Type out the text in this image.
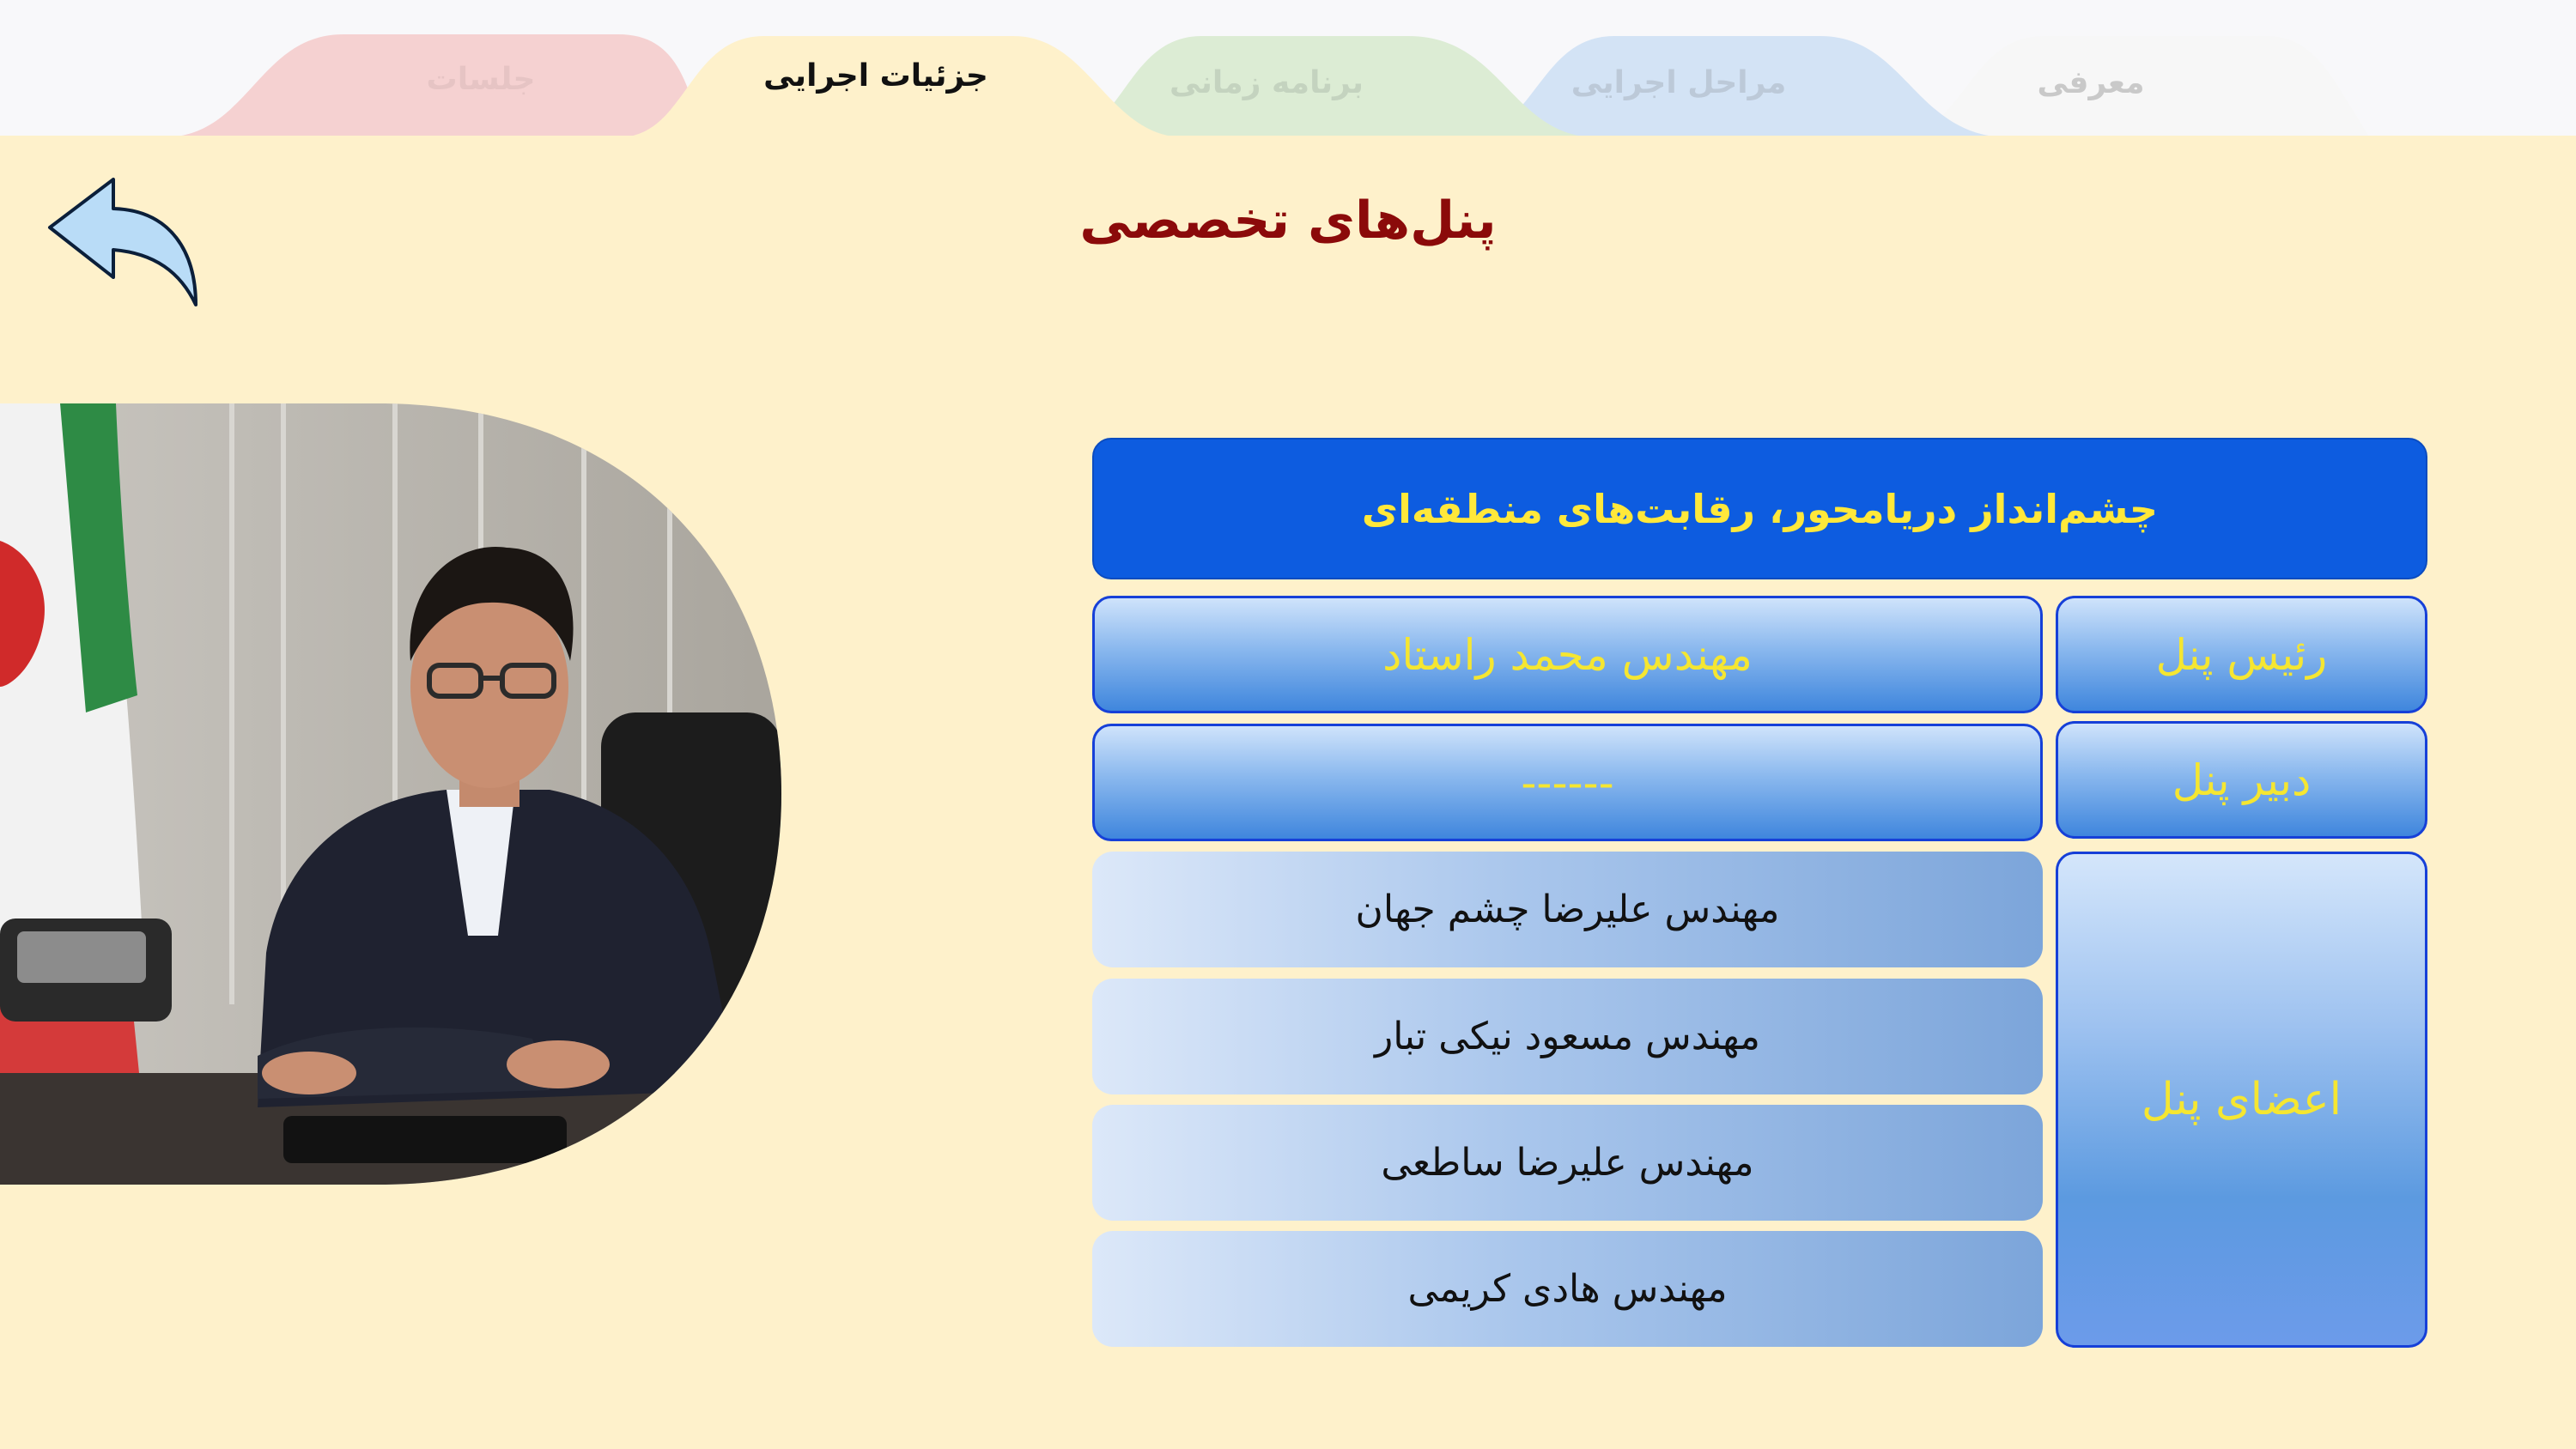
معرفی
مراحل اجرایی
برنامه زمانی
جزئیات اجرایی
جلسات
پنل‌های تخصصی
چشم‌انداز دریامحور، رقابت‌های منطقه‌ای
رئیس پنل
مهندس محمد راستاد
دبیر پنل
------
اعضای پنل
مهندس علیرضا چشم جهان
مهندس مسعود نیکی تبار
مهندس علیرضا ساطعی
مهندس هادی کریمی
